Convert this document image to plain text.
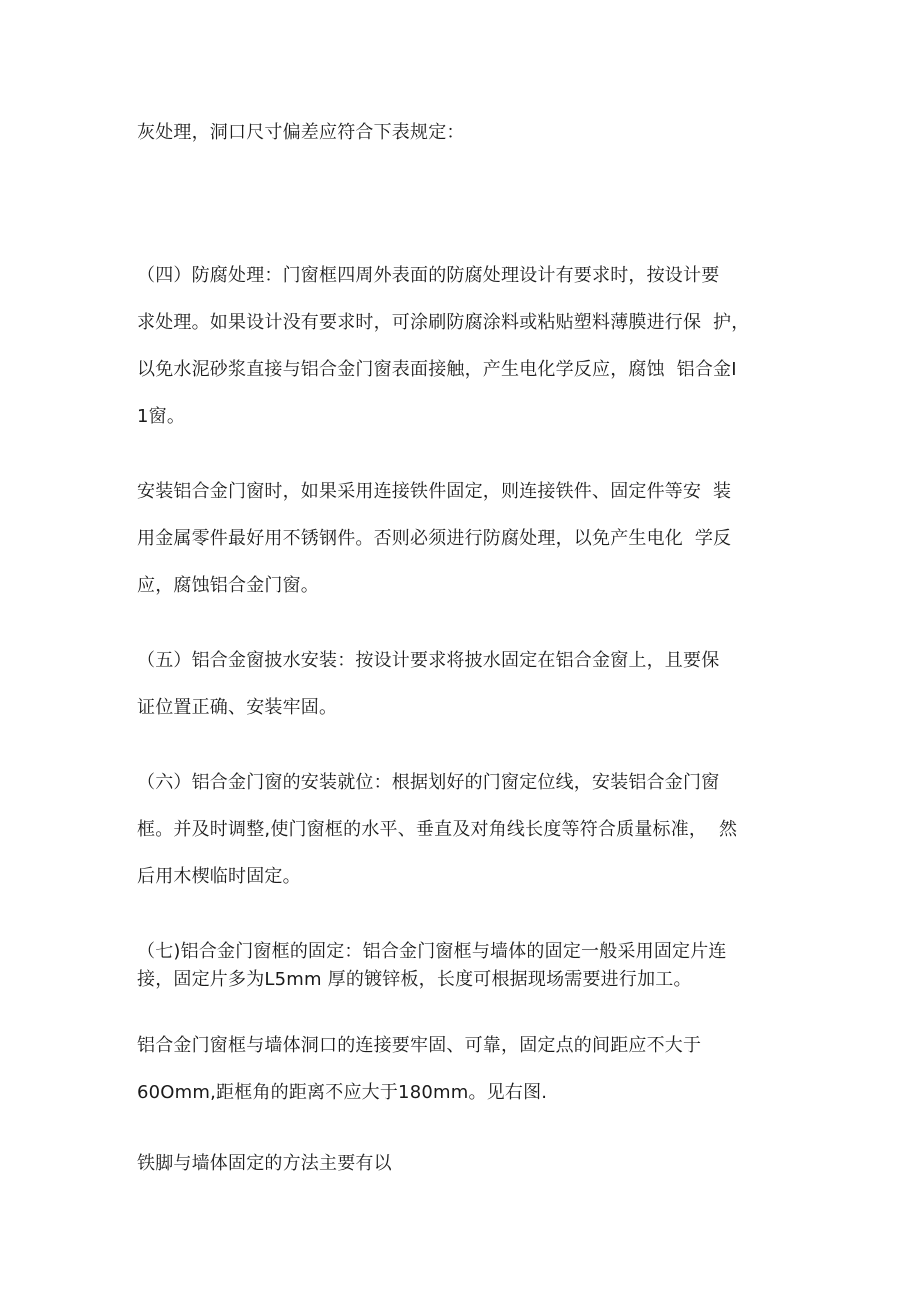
灰处理，洞口尺寸偏差应符合下表规定：
（四）防腐处理：门窗框四周外表面的防腐处理设计有要求时，按设计要
求处理。如果设计没有要求时，可涂刷防腐涂料或粘贴塑料薄膜进行保  护，
以免水泥砂浆直接与铝合金门窗表面接触，产生电化学反应，腐蚀  铝合金I
1窗。
安装铝合金门窗时，如果采用连接铁件固定，则连接铁件、固定件等安  装
用金属零件最好用不锈钢件。否则必须进行防腐处理，以免产生电化  学反
应，腐蚀铝合金门窗。
（五）铝合金窗披水安装：按设计要求将披水固定在铝合金窗上，且要保
证位置正确、安装牢固。
（六）铝合金门窗的安装就位：根据划好的门窗定位线，安装铝合金门窗
框。并及时调整,使门窗框的水平、垂直及对角线长度等符合质量标准，  然
后用木楔临时固定。
（七)铝合金门窗框的固定：铝合金门窗框与墙体的固定一般采用固定片连
接，固定片多为L5mm 厚的镀锌板，长度可根据现场需要进行加工。
铝合金门窗框与墙体洞口的连接要牢固、可靠，固定点的间距应不大于
60Omm,距框角的距离不应大于180mm。见右图.
铁脚与墙体固定的方法主要有以
